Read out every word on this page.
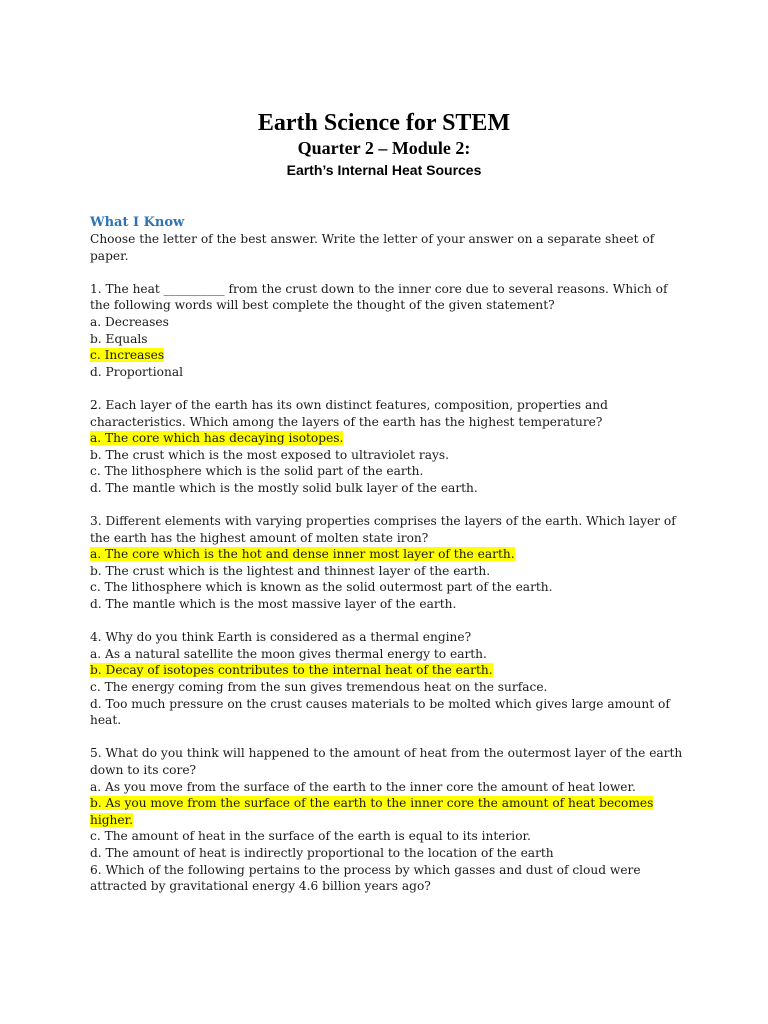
Earth Science for STEM
Quarter 2 – Module 2:
Earth’s Internal Heat Sources
What I Know
Choose the letter of the best answer. Write the letter of your answer on a separate sheet of paper.
1. The heat __________ from the crust down to the inner core due to several reasons. Which of the following words will best complete the thought of the given statement?
a. Decreases
b. Equals
c. Increases
d. Proportional
2. Each layer of the earth has its own distinct features, composition, properties and characteristics. Which among the layers of the earth has the highest temperature?
a. The core which has decaying isotopes.
b. The crust which is the most exposed to ultraviolet rays.
c. The lithosphere which is the solid part of the earth.
d. The mantle which is the mostly solid bulk layer of the earth.
3. Different elements with varying properties comprises the layers of the earth. Which layer of the earth has the highest amount of molten state iron?
a. The core which is the hot and dense inner most layer of the earth.
b. The crust which is the lightest and thinnest layer of the earth.
c. The lithosphere which is known as the solid outermost part of the earth.
d. The mantle which is the most massive layer of the earth.
4. Why do you think Earth is considered as a thermal engine?
a. As a natural satellite the moon gives thermal energy to earth.
b. Decay of isotopes contributes to the internal heat of the earth.
c. The energy coming from the sun gives tremendous heat on the surface.
d. Too much pressure on the crust causes materials to be molted which gives large amount of heat.
5. What do you think will happened to the amount of heat from the outermost layer of the earth down to its core?
a. As you move from the surface of the earth to the inner core the amount of heat lower.
b. As you move from the surface of the earth to the inner core the amount of heat becomes higher.
c. The amount of heat in the surface of the earth is equal to its interior.
d. The amount of heat is indirectly proportional to the location of the earth
6. Which of the following pertains to the process by which gasses and dust of cloud were attracted by gravitational energy 4.6 billion years ago?
